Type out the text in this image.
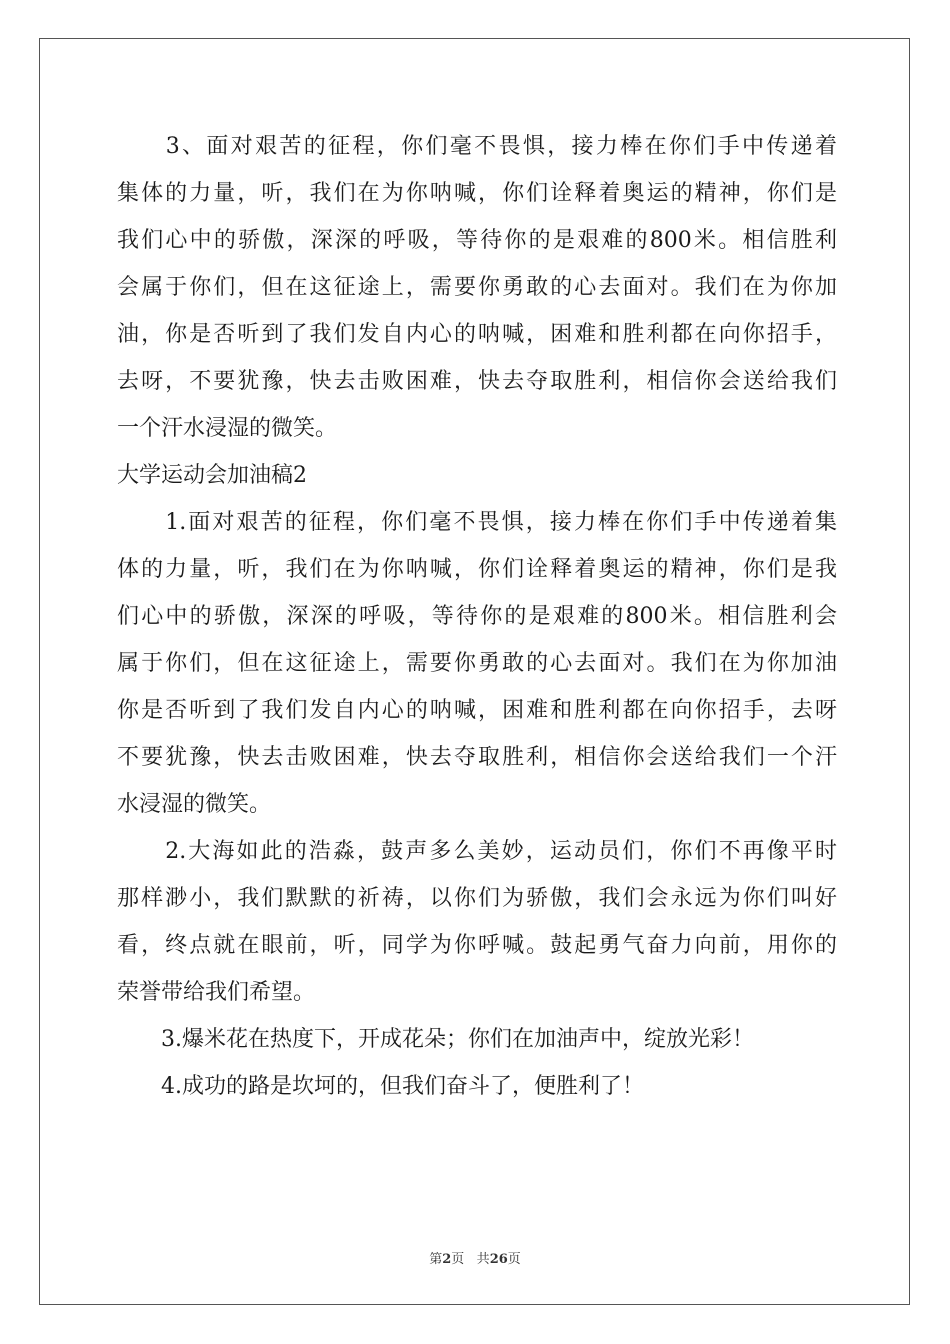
　　3、面对艰苦的征程，你们毫不畏惧，接力棒在你们手中传递着
集体的力量，听，我们在为你呐喊，你们诠释着奥运的精神，你们是
我们心中的骄傲，深深的呼吸，等待你的是艰难的800米。相信胜利
会属于你们，但在这征途上，需要你勇敢的心去面对。我们在为你加
油，你是否听到了我们发自内心的呐喊，困难和胜利都在向你招手，
去呀，不要犹豫，快去击败困难，快去夺取胜利，相信你会送给我们
一个汗水浸湿的微笑。
大学运动会加油稿2
　　1.面对艰苦的征程，你们毫不畏惧，接力棒在你们手中传递着集
体的力量，听，我们在为你呐喊，你们诠释着奥运的精神，你们是我
们心中的骄傲，深深的呼吸，等待你的是艰难的800米。相信胜利会
属于你们，但在这征途上，需要你勇敢的心去面对。我们在为你加油
你是否听到了我们发自内心的呐喊，困难和胜利都在向你招手，去呀
不要犹豫，快去击败困难，快去夺取胜利，相信你会送给我们一个汗
水浸湿的微笑。
　　2.大海如此的浩淼，鼓声多么美妙，运动员们，你们不再像平时
那样渺小，我们默默的祈祷，以你们为骄傲，我们会永远为你们叫好
看，终点就在眼前，听，同学为你呼喊。鼓起勇气奋力向前，用你的
荣誉带给我们希望。
　　3.爆米花在热度下，开成花朵；你们在加油声中，绽放光彩！
　　4.成功的路是坎坷的，但我们奋斗了，便胜利了！
第2页 共26页
